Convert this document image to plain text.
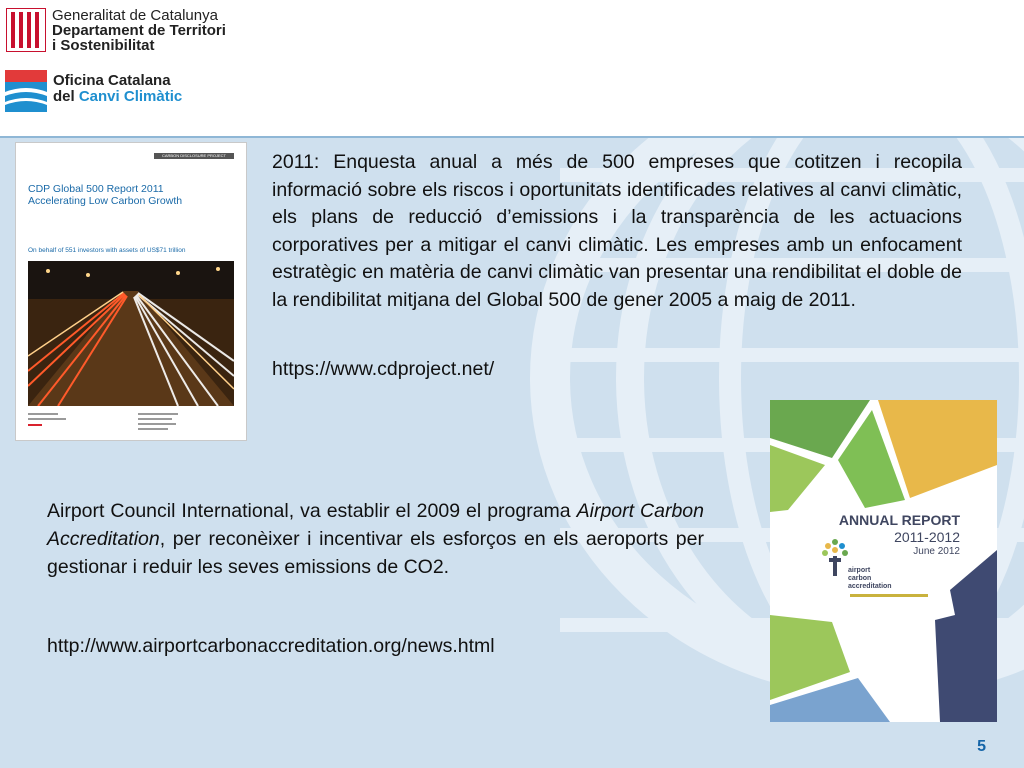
Generalitat de Catalunya
Departament de Territori
i Sostenibilitat
Oficina Catalana
del Canvi Climàtic
CARBON DISCLOSURE PROJECT
CDP Global 500 Report 2011
Accelerating Low Carbon Growth
On behalf of 551 investors with assets of US$71 trillion

2011: Enquesta anual a més de 500 empreses que cotitzen i recopila informació sobre els riscos i oportunitats identificades relatives al canvi climàtic, els plans de reducció d’emissions i la transparència de les actuacions corporatives per a mitigar el canvi climàtic. Les empreses amb un enfocament estratègic en matèria de canvi climàtic van presentar una rendibilitat el doble de la rendibilitat mitjana del Global 500 de gener 2005 a maig de 2011.

https://www.cdproject.net/

Airport Council International, va establir el 2009 el programa Airport Carbon Accreditation, per reconèixer i incentivar els esforços en els aeroports per gestionar i reduir les seves emissions de CO2.

http://www.airportcarbonaccreditation.org/news.html
ANNUAL REPORT
2011-2012
June 2012
airport
carbon
accreditation
5
